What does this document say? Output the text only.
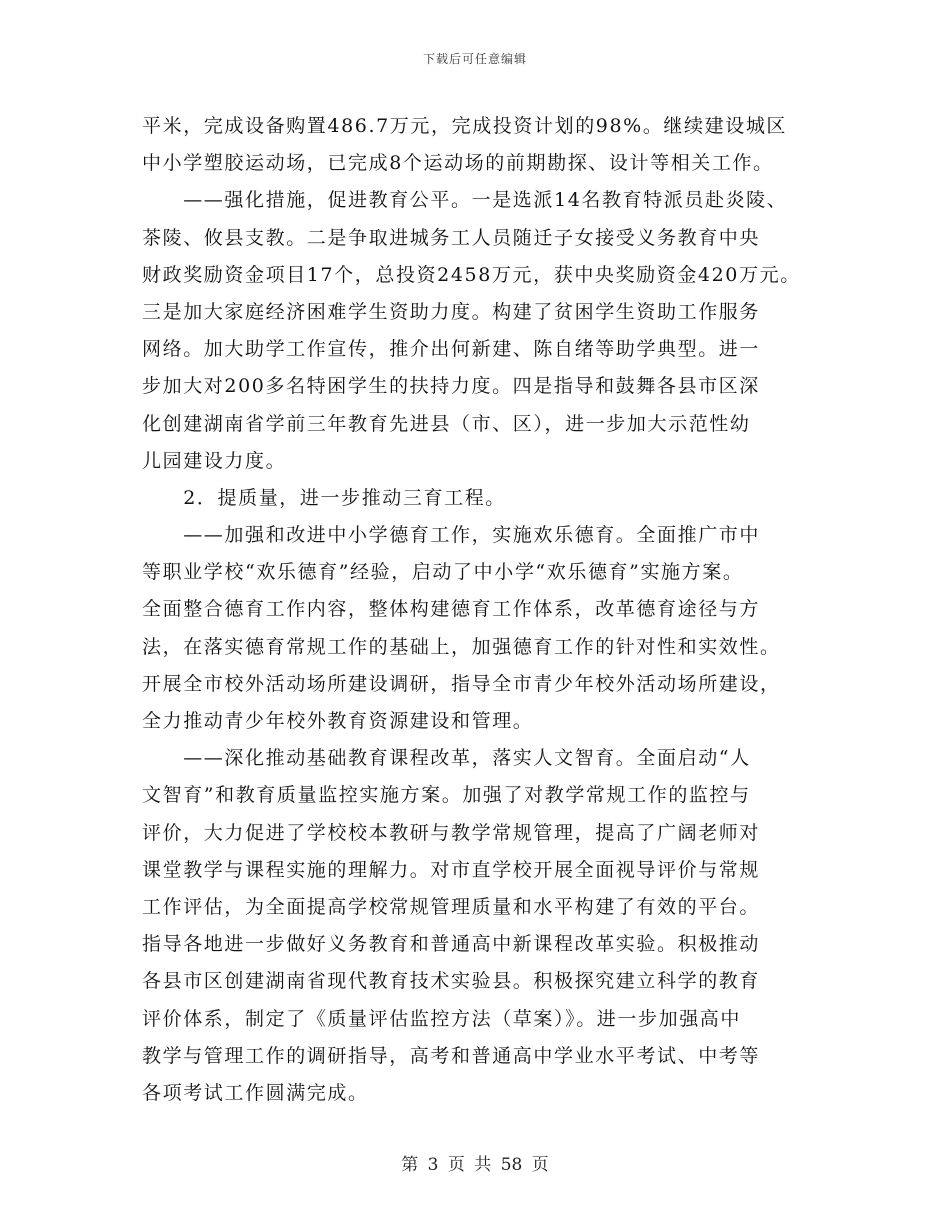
下载后可任意编辑
平米，完成设备购置486.7万元，完成投资计划的98%。继续建设城区
中小学塑胶运动场，已完成8个运动场的前期勘探、设计等相关工作。
　　——强化措施，促进教育公平。一是选派14名教育特派员赴炎陵、
茶陵、攸县支教。二是争取进城务工人员随迁子女接受义务教育中央
财政奖励资金项目17个，总投资2458万元，获中央奖励资金420万元。
三是加大家庭经济困难学生资助力度。构建了贫困学生资助工作服务
网络。加大助学工作宣传，推介出何新建、陈自绪等助学典型。进一
步加大对200多名特困学生的扶持力度。四是指导和鼓舞各县市区深
化创建湖南省学前三年教育先进县（市、区），进一步加大示范性幼
儿园建设力度。
　　2．提质量，进一步推动三育工程。
　　——加强和改进中小学德育工作，实施欢乐德育。全面推广市中
等职业学校“欢乐德育”经验，启动了中小学“欢乐德育”实施方案。
全面整合德育工作内容，整体构建德育工作体系，改革德育途径与方
法，在落实德育常规工作的基础上，加强德育工作的针对性和实效性。
开展全市校外活动场所建设调研，指导全市青少年校外活动场所建设，
全力推动青少年校外教育资源建设和管理。
　　——深化推动基础教育课程改革，落实人文智育。全面启动“人
文智育”和教育质量监控实施方案。加强了对教学常规工作的监控与
评价，大力促进了学校校本教研与教学常规管理，提高了广阔老师对
课堂教学与课程实施的理解力。对市直学校开展全面视导评价与常规
工作评估，为全面提高学校常规管理质量和水平构建了有效的平台。
指导各地进一步做好义务教育和普通高中新课程改革实验。积极推动
各县市区创建湖南省现代教育技术实验县。积极探究建立科学的教育
评价体系，制定了《质量评估监控方法（草案）》。进一步加强高中
教学与管理工作的调研指导，高考和普通高中学业水平考试、中考等
各项考试工作圆满完成。
第 3 页 共 58 页
